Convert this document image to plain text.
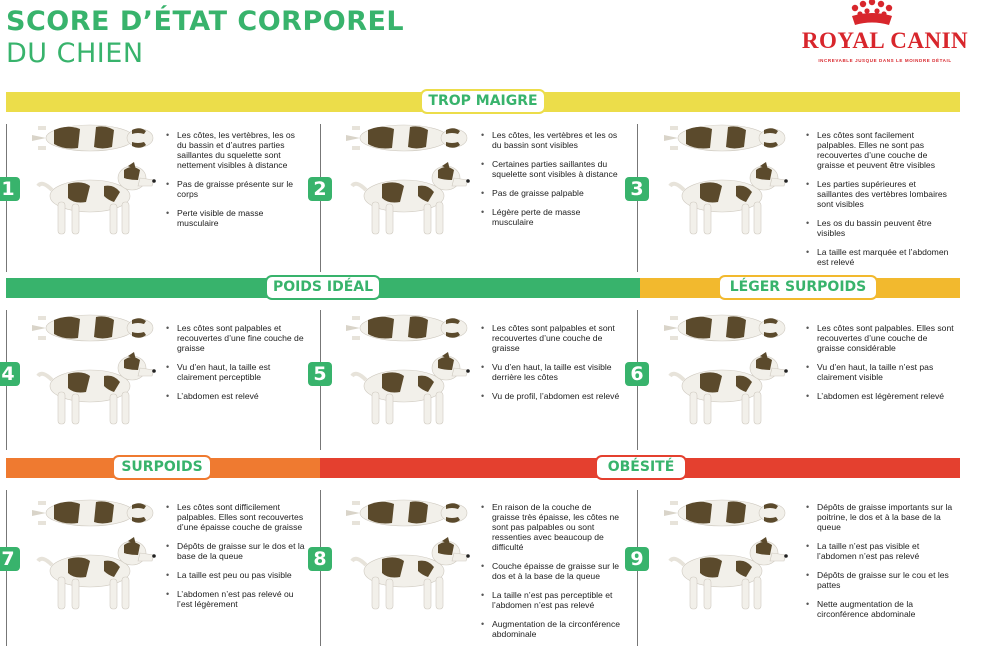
SCORE D’ÉTAT CORPOREL
DU CHIEN	ROYAL CANIN
INCREVABLE JUSQUE DANS LE MOINDRE DÉTAIL
TROP MAIGRE
POIDS IDÉAL	LÉGER SURPOIDS
SURPOIDS	OBÉSITÉ
1
• Les côtes, les vertèbres, les os du bassin et d’autres parties saillantes du squelette sont nettement visibles à distance
• Pas de graisse présente sur le corps
• Perte visible de masse musculaire
2
• Les côtes, les vertèbres et les os du bassin sont visibles
• Certaines parties saillantes du squelette sont visibles à distance
• Pas de graisse palpable
• Légère perte de masse musculaire
3
• Les côtes sont facilement palpables. Elles ne sont pas recouvertes d’une couche de graisse et peuvent être visibles
• Les parties supérieures et saillantes des vertèbres lombaires sont visibles
• Les os du bassin peuvent être visibles
• La taille est marquée et l’abdomen est relevé
4
• Les côtes sont palpables et recouvertes d’une fine couche de graisse
• Vu d’en haut, la taille est clairement perceptible
• L’abdomen est relevé
5
• Les côtes sont palpables et sont recouvertes d’une couche de graisse
• Vu d’en haut, la taille est visible derrière les côtes
• Vu de profil, l’abdomen est relevé
6
• Les côtes sont palpables. Elles sont recouvertes d’une couche de graisse considérable
• Vu d’en haut, la taille n’est pas clairement visible
• L’abdomen est légèrement relevé
7
• Les côtes sont difficilement palpables. Elles sont recouvertes d’une épaisse couche de graisse
• Dépôts de graisse sur le dos et la base de la queue
• La taille est peu ou pas visible
• L’abdomen n’est pas relevé ou l’est légèrement
8
• En raison de la couche de graisse très épaisse, les côtes ne sont pas palpables ou sont ressenties avec beaucoup de difficulté
• Couche épaisse de graisse sur le dos et à la base de la queue
• La taille n’est pas perceptible et l’abdomen n’est pas relevé
• Augmentation de la circonférence abdominale
9
• Dépôts de graisse importants sur la poitrine, le dos et à la base de la queue
• La taille n’est pas visible et l’abdomen n’est pas relevé
• Dépôts de graisse sur le cou et les pattes
• Nette augmentation de la circonférence abdominale
